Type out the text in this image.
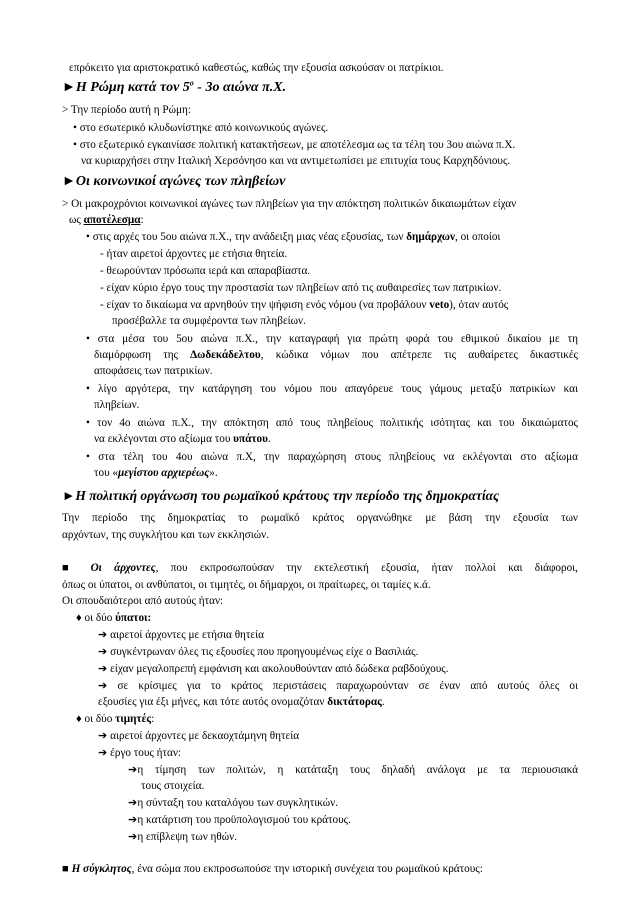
επρόκειτο για αριστοκρατικό καθεστώς, καθώς την εξουσία ασκούσαν οι πατρίκιοι.
►Η Ρώμη κατά τον $5^o - 3o$ αιώνα π.Χ.
> Την περίοδο αυτή η Ρώμη:
• στο εσωτερικό κλυδωνίστηκε από κοινωνικούς αγώνες.
• στο εξωτερικό εγκαινίασε πολιτική κατακτήσεων, με αποτέλεσμα ως τα τέλη του 3ου αιώνα π.Χ.
να κυριαρχήσει στην Ιταλική Χερσόνησο και να αντιμετωπίσει με επιτυχία τους Καρχηδόνιους.
►Οι κοινωνικοί αγώνες των πληβείων
> Οι μακροχρόνιοι κοινωνικοί αγώνες των πληβείων για την απόκτηση πολιτικών δικαιωμάτων είχαν
ως αποτέλεσμα:
• στις αρχές του 5ου αιώνα π.Χ., την ανάδειξη μιας νέας εξουσίας, των δημάρχων, οι οποίοι
- ήταν αιρετοί άρχοντες με ετήσια θητεία.
- θεωρούνταν πρόσωπα ιερά και απαραβίαστα.
- είχαν κύριο έργο τους την προστασία των πληβείων από τις αυθαιρεσίες των πατρικίων.
- είχαν το δικαίωμα να αρνηθούν την ψήφιση ενός νόμου (να προβάλουν veto), όταν αυτός
προσέβαλλε τα συμφέροντα των πληβείων.
• στα μέσα του 5ου αιώνα π.Χ., την καταγραφή για πρώτη φορά του εθιμικού δικαίου με τη
διαμόρφωση της Δωδεκάδελτου, κώδικα νόμων που απέτρεπε τις αυθαίρετες δικαστικές
αποφάσεις των πατρικίων.
• λίγο αργότερα, την κατάργηση του νόμου που απαγόρευε τους γάμους μεταξύ πατρικίων και
πληβείων.
• τον 4ο αιώνα π.Χ., την απόκτηση από τους πληβείους πολιτικής ισότητας και του δικαιώματος
να εκλέγονται στο αξίωμα του υπάτου.
• στα τέλη του 4ου αιώνα π.Χ, την παραχώρηση στους πληβείους να εκλέγονται στο αξίωμα
του «μεγίστου αρχιερέως».
►Η πολιτική οργάνωση του ρωμαϊκού κράτους την περίοδο της δημοκρατίας
Την περίοδο της δημοκρατίας το ρωμαϊκό κράτος οργανώθηκε με βάση την εξουσία των
αρχόντων, της συγκλήτου και των εκκλησιών.
■ Οι άρχοντες, που εκπροσωπούσαν την εκτελεστική εξουσία, ήταν πολλοί και διάφοροι,
όπως οι ύπατοι, οι ανθύπατοι, οι τιμητές, οι δήμαρχοι, οι πραίτωρες, οι ταμίες κ.ά.
Οι σπουδαιότεροι από αυτούς ήταν:
♦ οι δύο ύπατοι:
➔ αιρετοί άρχοντες με ετήσια θητεία
➔ συγκέντρωναν όλες τις εξουσίες που προηγουμένως είχε ο Βασιλιάς.
➔ είχαν μεγαλοπρεπή εμφάνιση και ακολουθούνταν από δώδεκα ραβδούχους.
➔ σε κρίσιμες για το κράτος περιστάσεις παραχωρούνταν σε έναν από αυτούς όλες οι
εξουσίες για έξι μήνες, και τότε αυτός ονομαζόταν δικτάτορας.
♦ οι δύο τιμητές:
➔ αιρετοί άρχοντες με δεκαοχτάμηνη θητεία
➔ έργο τους ήταν:
➔η τίμηση των πολιτών, η κατάταξη τους δηλαδή ανάλογα με τα περιουσιακά
τους στοιχεία.
➔η σύνταξη του καταλόγου των συγκλητικών.
➔η κατάρτιση του προϋπολογισμού του κράτους.
➔η επίβλεψη των ηθών.
■ Η σύγκλητος, ένα σώμα που εκπροσωπούσε την ιστορική συνέχεια του ρωμαϊκού κράτους:
